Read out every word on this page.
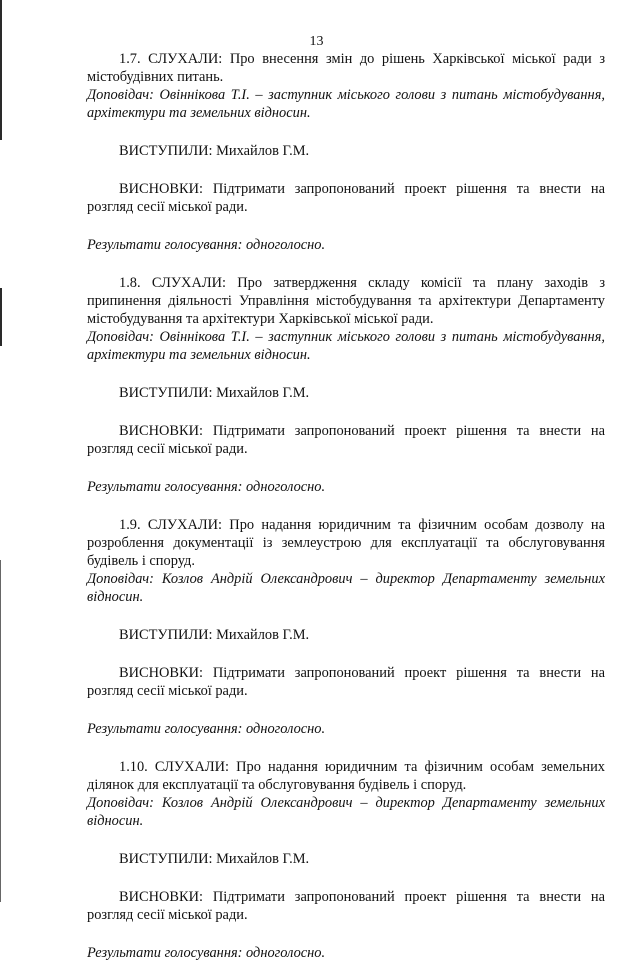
13

1.7. СЛУХАЛИ: Про внесення змін до рішень Харківської міської ради з містобудівних питань.

Доповідач: Овіннікова Т.І. – заступник міського голови з питань містобудування, архітектури та земельних відносин.

ВИСТУПИЛИ: Михайлов Г.М.

ВИСНОВКИ: Підтримати запропонований проект рішення та внести на розгляд сесії міської ради.

Результати голосування: одноголосно.

1.8. СЛУХАЛИ: Про затвердження складу комісії та плану заходів з припинення діяльності Управління містобудування та архітектури Департаменту містобудування та архітектури Харківської міської ради.

Доповідач: Овіннікова Т.І. – заступник міського голови з питань містобудування, архітектури та земельних відносин.

ВИСТУПИЛИ: Михайлов Г.М.

ВИСНОВКИ: Підтримати запропонований проект рішення та внести на розгляд сесії міської ради.

Результати голосування: одноголосно.

1.9. СЛУХАЛИ: Про надання юридичним та фізичним особам дозволу на розроблення документації із землеустрою для експлуатації та обслуговування будівель і споруд.

Доповідач: Козлов Андрій Олександрович – директор Департаменту земельних відносин.

ВИСТУПИЛИ: Михайлов Г.М.

ВИСНОВКИ: Підтримати запропонований проект рішення та внести на розгляд сесії міської ради.

Результати голосування: одноголосно.

1.10. СЛУХАЛИ: Про надання юридичним та фізичним особам земельних ділянок для експлуатації та обслуговування будівель і споруд.

Доповідач: Козлов Андрій Олександрович – директор Департаменту земельних відносин.

ВИСТУПИЛИ: Михайлов Г.М.

ВИСНОВКИ: Підтримати запропонований проект рішення та внести на розгляд сесії міської ради.

Результати голосування: одноголосно.
